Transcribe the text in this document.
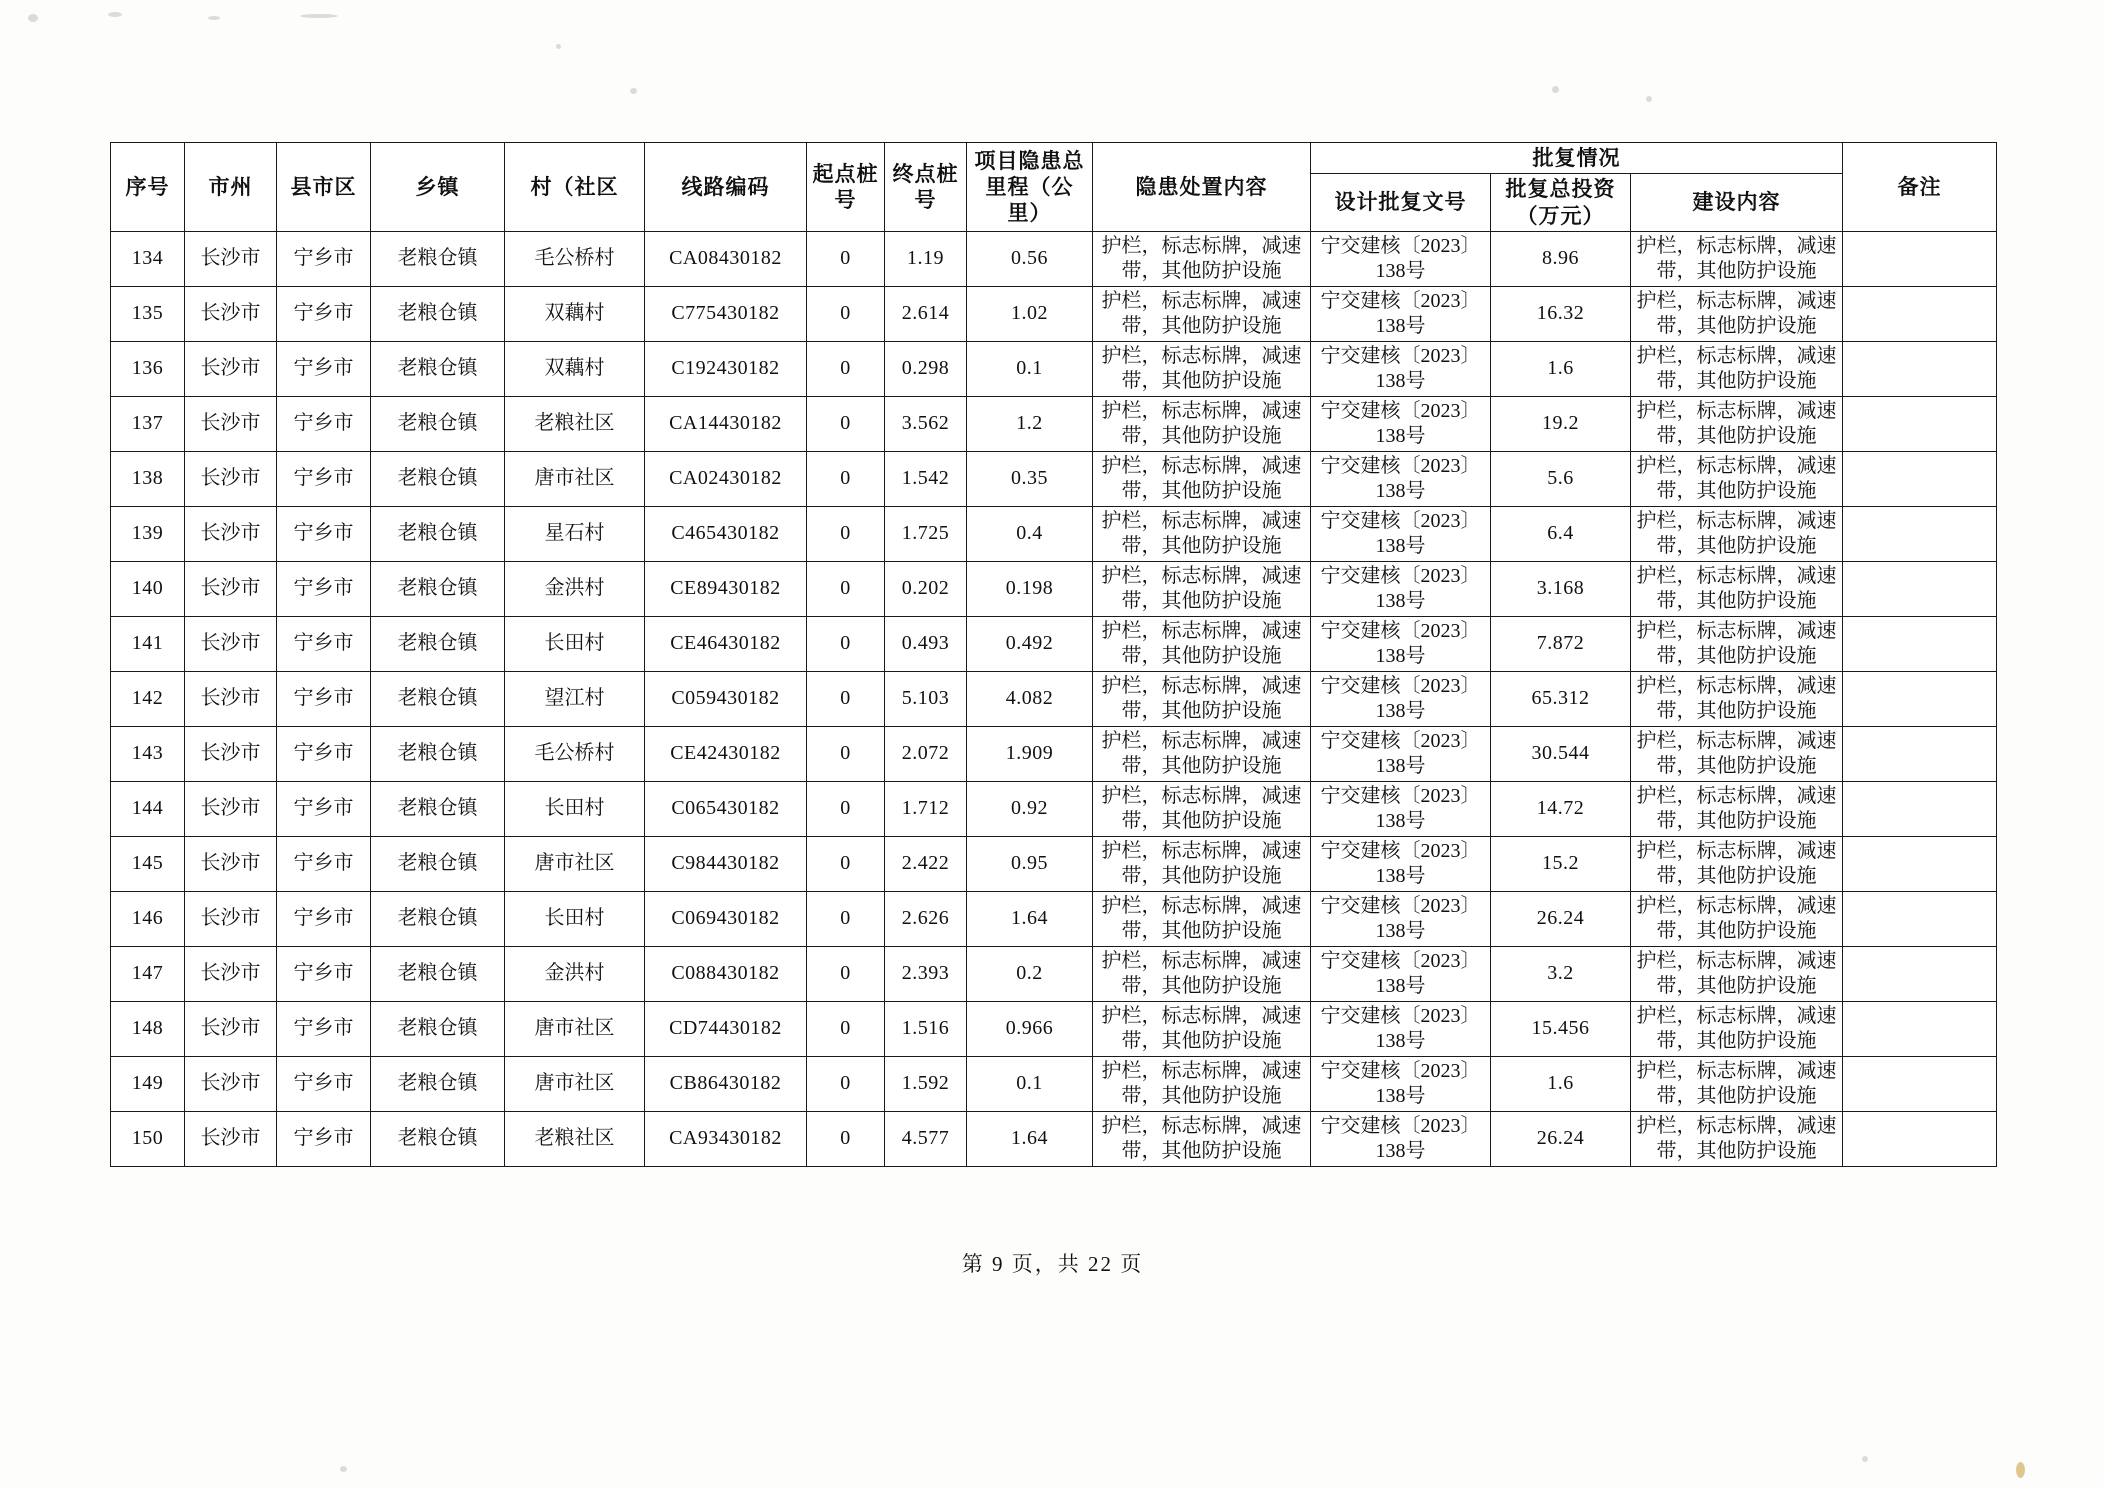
序号	市州	县市区	乡镇	村（社区	线路编码	起点桩号	终点桩号	项目隐患总里程（公里）	隐患处置内容	批复情况			备注
										设计批复文号	批复总投资（万元）	建设内容	
134	长沙市	宁乡市	老粮仓镇	毛公桥村	CA08430182	0	1.19	0.56	护栏，标志标牌，减速带，其他防护设施	宁交建核〔2023〕138号	8.96	护栏，标志标牌，减速带，其他防护设施	
135	长沙市	宁乡市	老粮仓镇	双藕村	C775430182	0	2.614	1.02	护栏，标志标牌，减速带，其他防护设施	宁交建核〔2023〕138号	16.32	护栏，标志标牌，减速带，其他防护设施	
136	长沙市	宁乡市	老粮仓镇	双藕村	C192430182	0	0.298	0.1	护栏，标志标牌，减速带，其他防护设施	宁交建核〔2023〕138号	1.6	护栏，标志标牌，减速带，其他防护设施	
137	长沙市	宁乡市	老粮仓镇	老粮社区	CA14430182	0	3.562	1.2	护栏，标志标牌，减速带，其他防护设施	宁交建核〔2023〕138号	19.2	护栏，标志标牌，减速带，其他防护设施	
138	长沙市	宁乡市	老粮仓镇	唐市社区	CA02430182	0	1.542	0.35	护栏，标志标牌，减速带，其他防护设施	宁交建核〔2023〕138号	5.6	护栏，标志标牌，减速带，其他防护设施	
139	长沙市	宁乡市	老粮仓镇	星石村	C465430182	0	1.725	0.4	护栏，标志标牌，减速带，其他防护设施	宁交建核〔2023〕138号	6.4	护栏，标志标牌，减速带，其他防护设施	
140	长沙市	宁乡市	老粮仓镇	金洪村	CE89430182	0	0.202	0.198	护栏，标志标牌，减速带，其他防护设施	宁交建核〔2023〕138号	3.168	护栏，标志标牌，减速带，其他防护设施	
141	长沙市	宁乡市	老粮仓镇	长田村	CE46430182	0	0.493	0.492	护栏，标志标牌，减速带，其他防护设施	宁交建核〔2023〕138号	7.872	护栏，标志标牌，减速带，其他防护设施	
142	长沙市	宁乡市	老粮仓镇	望江村	C059430182	0	5.103	4.082	护栏，标志标牌，减速带，其他防护设施	宁交建核〔2023〕138号	65.312	护栏，标志标牌，减速带，其他防护设施	
143	长沙市	宁乡市	老粮仓镇	毛公桥村	CE42430182	0	2.072	1.909	护栏，标志标牌，减速带，其他防护设施	宁交建核〔2023〕138号	30.544	护栏，标志标牌，减速带，其他防护设施	
144	长沙市	宁乡市	老粮仓镇	长田村	C065430182	0	1.712	0.92	护栏，标志标牌，减速带，其他防护设施	宁交建核〔2023〕138号	14.72	护栏，标志标牌，减速带，其他防护设施	
145	长沙市	宁乡市	老粮仓镇	唐市社区	C984430182	0	2.422	0.95	护栏，标志标牌，减速带，其他防护设施	宁交建核〔2023〕138号	15.2	护栏，标志标牌，减速带，其他防护设施	
146	长沙市	宁乡市	老粮仓镇	长田村	C069430182	0	2.626	1.64	护栏，标志标牌，减速带，其他防护设施	宁交建核〔2023〕138号	26.24	护栏，标志标牌，减速带，其他防护设施	
147	长沙市	宁乡市	老粮仓镇	金洪村	C088430182	0	2.393	0.2	护栏，标志标牌，减速带，其他防护设施	宁交建核〔2023〕138号	3.2	护栏，标志标牌，减速带，其他防护设施	
148	长沙市	宁乡市	老粮仓镇	唐市社区	CD74430182	0	1.516	0.966	护栏，标志标牌，减速带，其他防护设施	宁交建核〔2023〕138号	15.456	护栏，标志标牌，减速带，其他防护设施	
149	长沙市	宁乡市	老粮仓镇	唐市社区	CB86430182	0	1.592	0.1	护栏，标志标牌，减速带，其他防护设施	宁交建核〔2023〕138号	1.6	护栏，标志标牌，减速带，其他防护设施	
150	长沙市	宁乡市	老粮仓镇	老粮社区	CA93430182	0	4.577	1.64	护栏，标志标牌，减速带，其他防护设施	宁交建核〔2023〕138号	26.24	护栏，标志标牌，减速带，其他防护设施	
第 9 页，共 22 页
